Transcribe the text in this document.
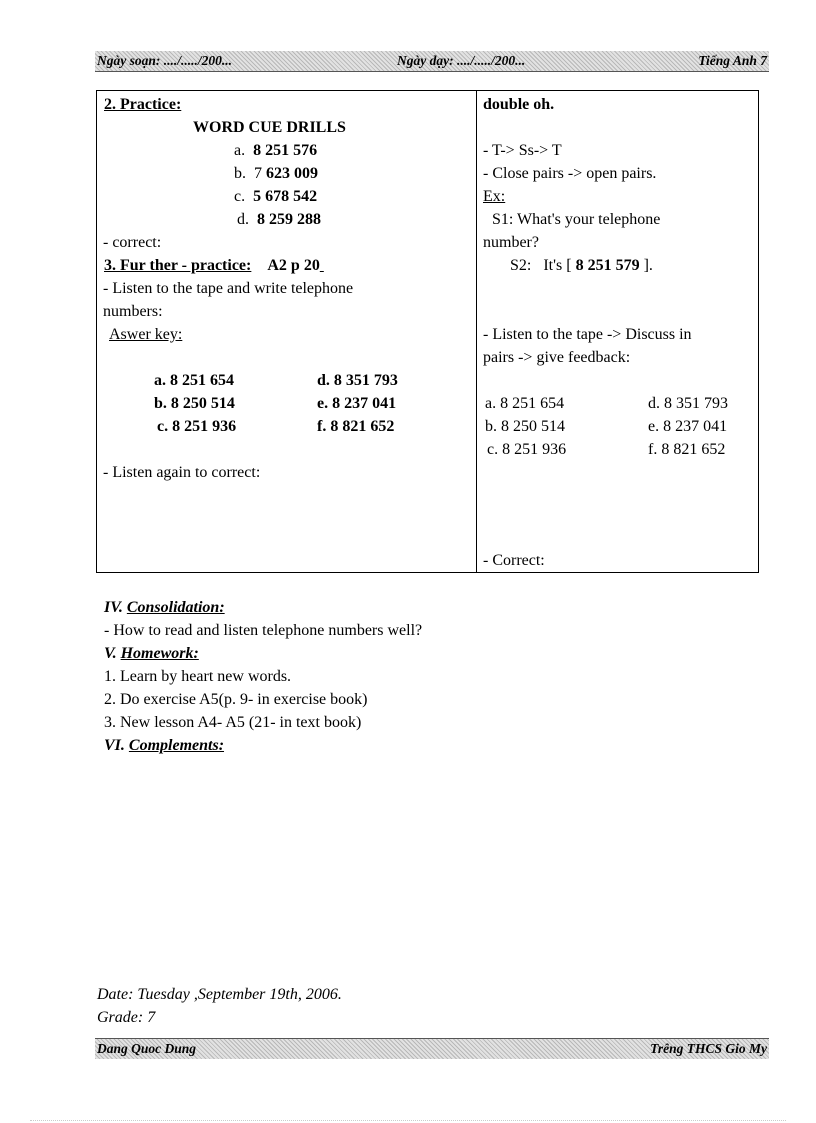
Ngày soạn: ..../...../200...	Ngày dạy: ..../...../200...	Tiếng Anh 7
2. Practice:
WORD CUE DRILLS
a. 8 251 576
b. 7 623 009
c. 5 678 542
d. 8 259 288
- correct:
3. Fur ther - practice: A2 p 20
- Listen to the tape and write telephone
numbers:
Aswer key:
a. 8 251 654	d. 8 351 793
b. 8 250 514	e. 8 237 041
c. 8 251 936	f. 8 821 652
- Listen again to correct:
double oh.
- T-> Ss-> T
- Close pairs -> open pairs.
Ex:
S1: What's your telephone
number?
S2: It's [ 8 251 579 ].
- Listen to the tape -> Discuss in
pairs -> give feedback:
a. 8 251 654	d. 8 351 793
b. 8 250 514	e. 8 237 041
c. 8 251 936	f. 8 821 652
- Correct:
IV. Consolidation:
- How to read and listen telephone numbers well?
V. Homework:
1. Learn by heart new words.
2. Do exercise A5(p. 9- in exercise book)
3. New lesson A4- A5 (21- in text book)
VI. Complements:
Date: Tuesday ,September 19th, 2006.
Grade: 7
Dang Quoc Dung	Trêng THCS Gio My
